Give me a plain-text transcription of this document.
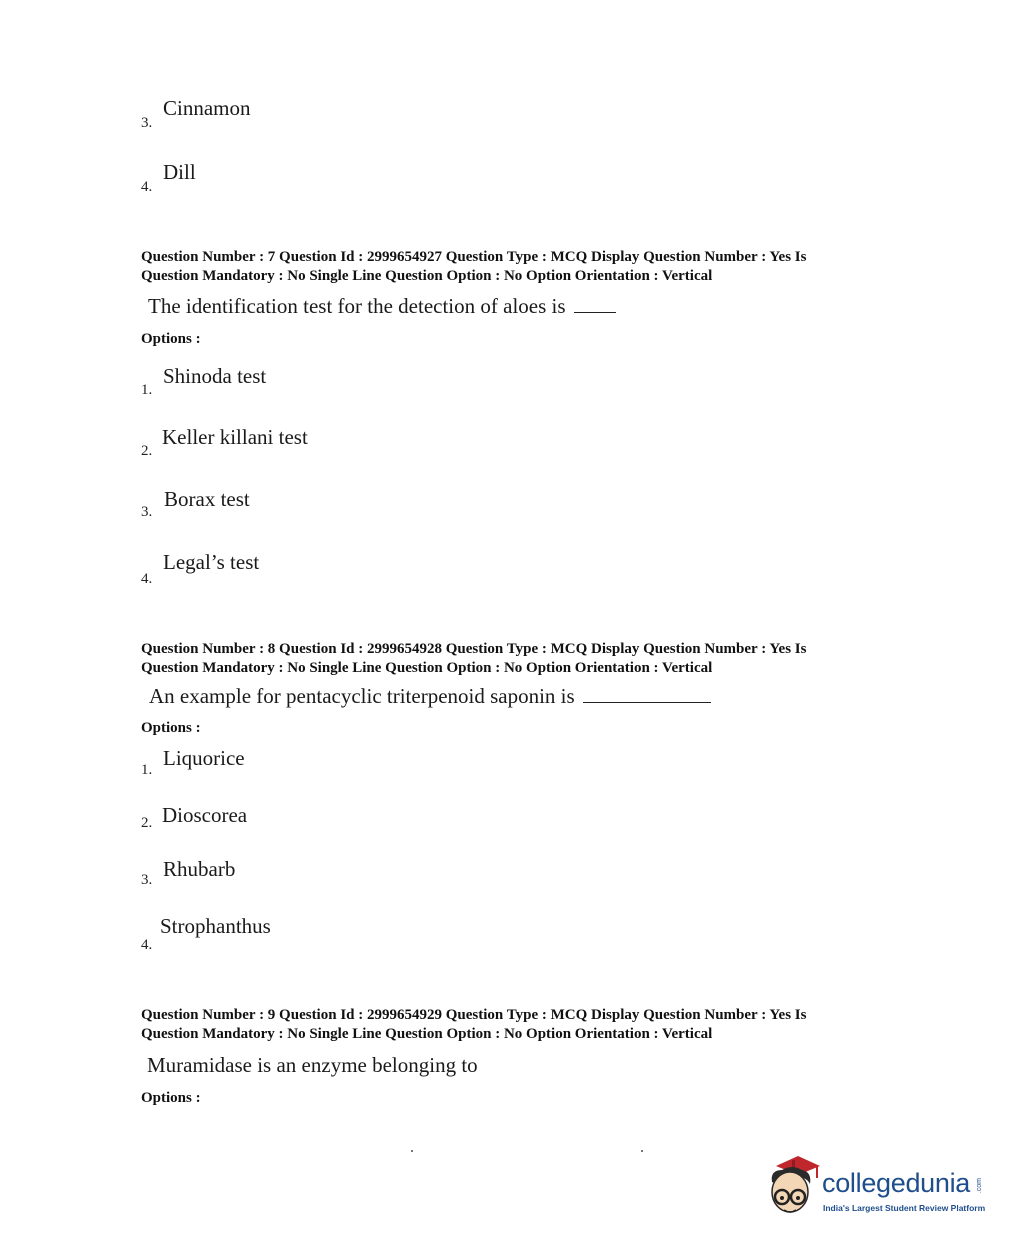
Cinnamon
3.
Dill
4.
Question Number : 7 Question Id : 2999654927 Question Type : MCQ Display Question Number : Yes Is
Question Mandatory : No Single Line Question Option : No Option Orientation : Vertical
The identification test for the detection of aloes is
Options :
Shinoda test
1.
Keller killani test
2.
Borax test
3.
Legal’s test
4.
Question Number : 8 Question Id : 2999654928 Question Type : MCQ Display Question Number : Yes Is
Question Mandatory : No Single Line Question Option : No Option Orientation : Vertical
An example for pentacyclic triterpenoid saponin is
Options :
Liquorice
1.
Dioscorea
2.
Rhubarb
3.
Strophanthus
4.
Question Number : 9 Question Id : 2999654929 Question Type : MCQ Display Question Number : Yes Is
Question Mandatory : No Single Line Question Option : No Option Orientation : Vertical
Muramidase is an enzyme belonging to
Options :
collegedunia .com
India's Largest Student Review Platform
